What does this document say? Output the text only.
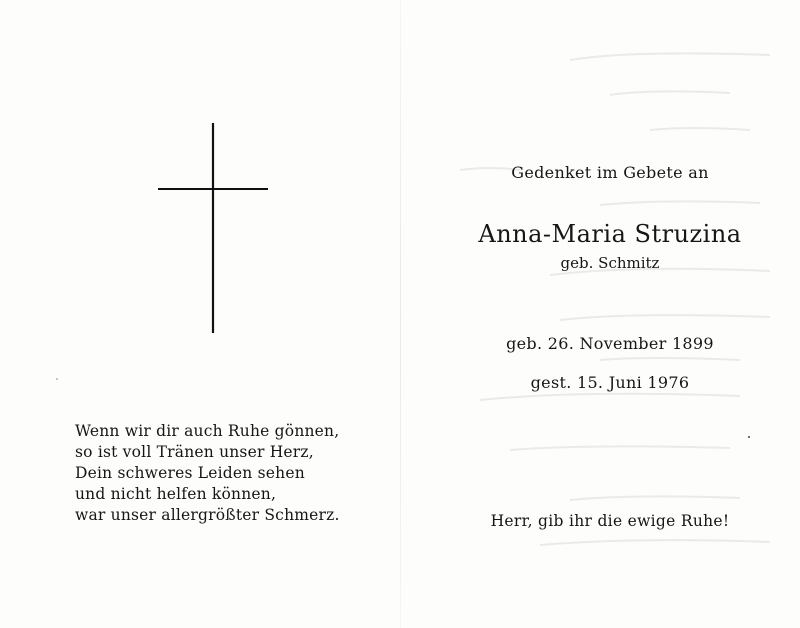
Wenn wir dir auch Ruhe gönnen,
so ist voll Tränen unser Herz,
Dein schweres Leiden sehen
und nicht helfen können,
war unser allergrößter Schmerz.
Gedenket im Gebete an
Anna-Maria Struzina
geb. Schmitz
geb. 26. November 1899
gest. 15. Juni 1976
Herr, gib ihr die ewige Ruhe!
